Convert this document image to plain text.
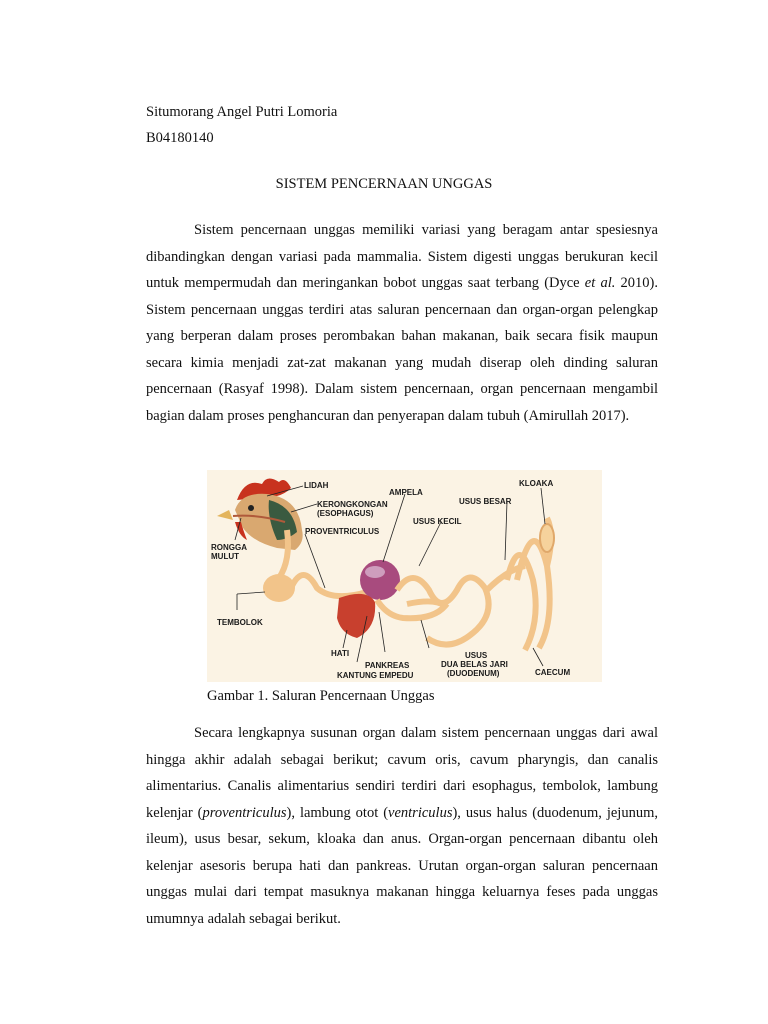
Situmorang Angel Putri Lomoria
B04180140
SISTEM PENCERNAAN UNGGAS

Sistem pencernaan unggas memiliki variasi yang beragam antar spesiesnya dibandingkan dengan variasi pada mammalia. Sistem digesti unggas berukuran kecil untuk mempermudah dan meringankan bobot unggas saat terbang (Dyce et al. 2010). Sistem pencernaan unggas terdiri atas saluran pencernaan dan organ-organ pelengkap yang berperan dalam proses perombakan bahan makanan, baik secara fisik maupun secara kimia menjadi zat-zat makanan yang mudah diserap oleh dinding saluran pencernaan (Rasyaf 1998). Dalam sistem pencernaan, organ pencernaan mengambil bagian dalam proses penghancuran dan penyerapan dalam tubuh (Amirullah 2017).

LIDAH
KERONGKONGAN
(ESOPHAGUS)
AMPELA
PROVENTRICULUS
USUS KECIL
USUS BESAR
KLOAKA
RONGGA
MULUT
TEMBOLOK
HATI
PANKREAS
KANTUNG EMPEDU
USUS
DUA BELAS JARI
(DUODENUM)	CAECUM
Gambar 1. Saluran Pencernaan Unggas

Secara lengkapnya susunan organ dalam sistem pencernaan unggas dari awal hingga akhir adalah sebagai berikut; cavum oris, cavum pharyngis, dan canalis alimentarius. Canalis alimentarius sendiri terdiri dari esophagus, tembolok, lambung kelenjar (proventriculus), lambung otot (ventriculus), usus halus (duodenum, jejunum, ileum), usus besar, sekum, kloaka dan anus. Organ-organ pencernaan dibantu oleh kelenjar asesoris berupa hati dan pankreas. Urutan organ-organ saluran pencernaan unggas mulai dari tempat masuknya makanan hingga keluarnya feses pada unggas umumnya adalah sebagai berikut.
